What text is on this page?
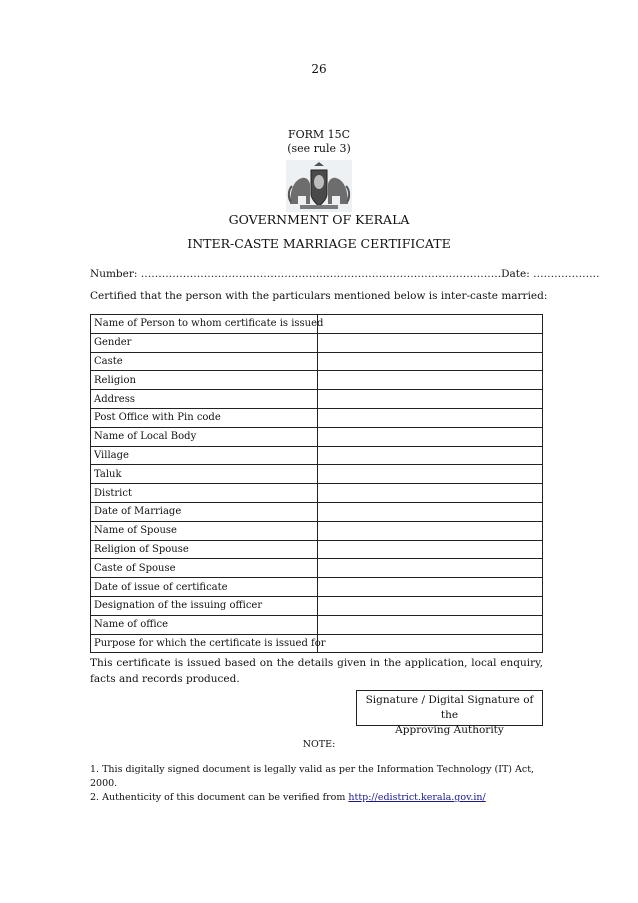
26
FORM 15C
(see rule 3)
GOVERNMENT OF KERALA
INTER-CASTE MARRIAGE CERTIFICATE
Number: …………………………………………………………………………………………. Date: ……………….
Certified that the person with the particulars mentioned below is inter-caste married:
Name of Person to whom certificate is issued	
Gender	
Caste	
Religion	
Address	
Post Office with Pin code	
Name of Local Body	
Village	
Taluk	
District	
Date of Marriage	
Name of Spouse	
Religion of Spouse	
Caste of Spouse	
Date of issue of certificate	
Designation of the issuing officer	
Name of office	
Purpose for which the certificate is issued for	
This certificate is issued based on the details given in the application, local enquiry, facts and records produced.
Signature / Digital Signature of the
Approving Authority
NOTE:
1. This digitally signed document is legally valid as per the Information Technology (IT) Act, 2000.
2. Authenticity of this document can be verified from http://edistrict.kerala.gov.in/
